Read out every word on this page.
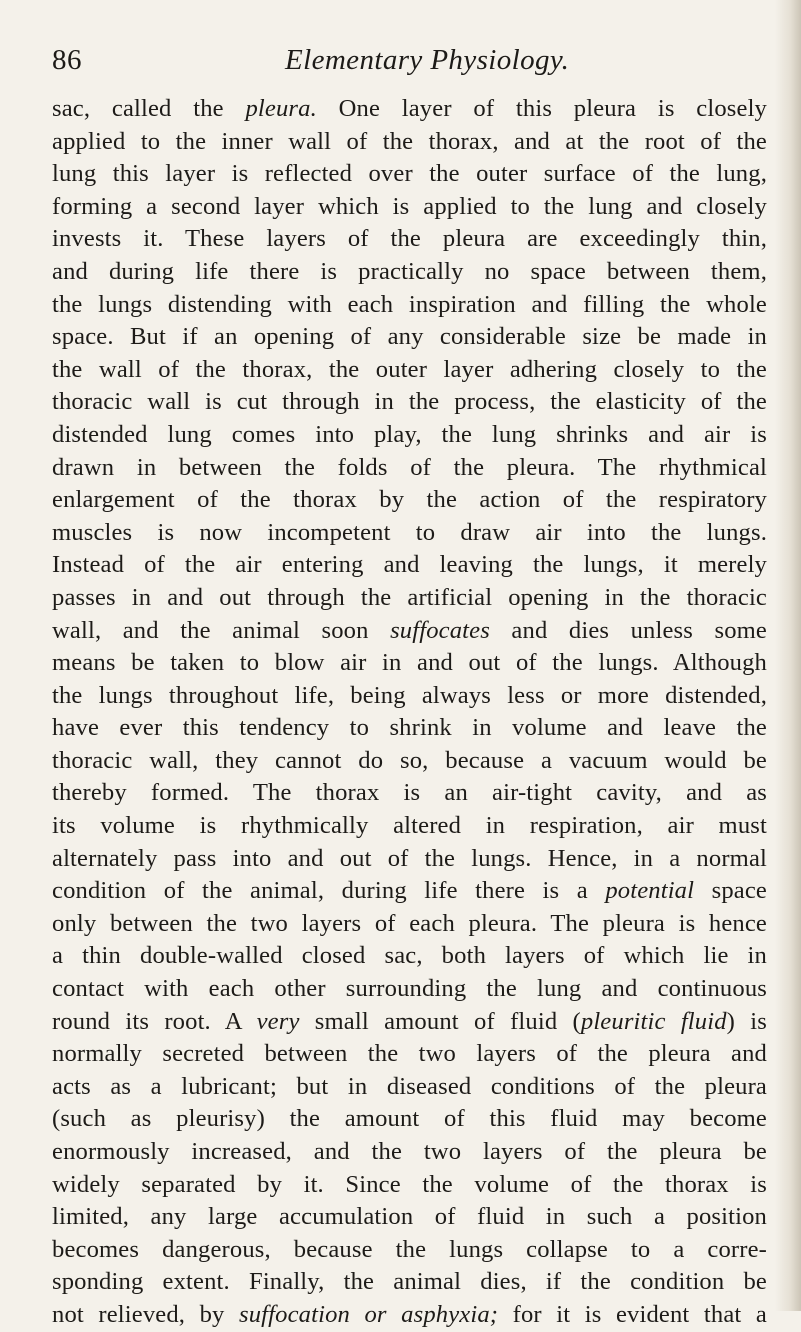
86	Elementary Physiology.
sac, called the pleura. One layer of this pleura is closely
applied to the inner wall of the thorax, and at the root of the
lung this layer is reflected over the outer surface of the lung,
forming a second layer which is applied to the lung and closely
invests it. These layers of the pleura are exceedingly thin,
and during life there is practically no space between them,
the lungs distending with each inspiration and filling the whole
space. But if an opening of any considerable size be made in
the wall of the thorax, the outer layer adhering closely to the
thoracic wall is cut through in the process, the elasticity of the
distended lung comes into play, the lung shrinks and air is
drawn in between the folds of the pleura. The rhythmical
enlargement of the thorax by the action of the respiratory
muscles is now incompetent to draw air into the lungs.
Instead of the air entering and leaving the lungs, it merely
passes in and out through the artificial opening in the thoracic
wall, and the animal soon suffocates and dies unless some
means be taken to blow air in and out of the lungs. Although
the lungs throughout life, being always less or more distended,
have ever this tendency to shrink in volume and leave the
thoracic wall, they cannot do so, because a vacuum would be
thereby formed. The thorax is an air-tight cavity, and as
its volume is rhythmically altered in respiration, air must
alternately pass into and out of the lungs. Hence, in a normal
condition of the animal, during life there is a potential space
only between the two layers of each pleura. The pleura is hence
a thin double-walled closed sac, both layers of which lie in
contact with each other surrounding the lung and continuous
round its root. A very small amount of fluid (pleuritic fluid) is
normally secreted between the two layers of the pleura and
acts as a lubricant; but in diseased conditions of the pleura
(such as pleurisy) the amount of this fluid may become
enormously increased, and the two layers of the pleura be
widely separated by it. Since the volume of the thorax is
limited, any large accumulation of fluid in such a position
becomes dangerous, because the lungs collapse to a corre-
sponding extent. Finally, the animal dies, if the condition be
not relieved, by suffocation or asphyxia; for it is evident that a
